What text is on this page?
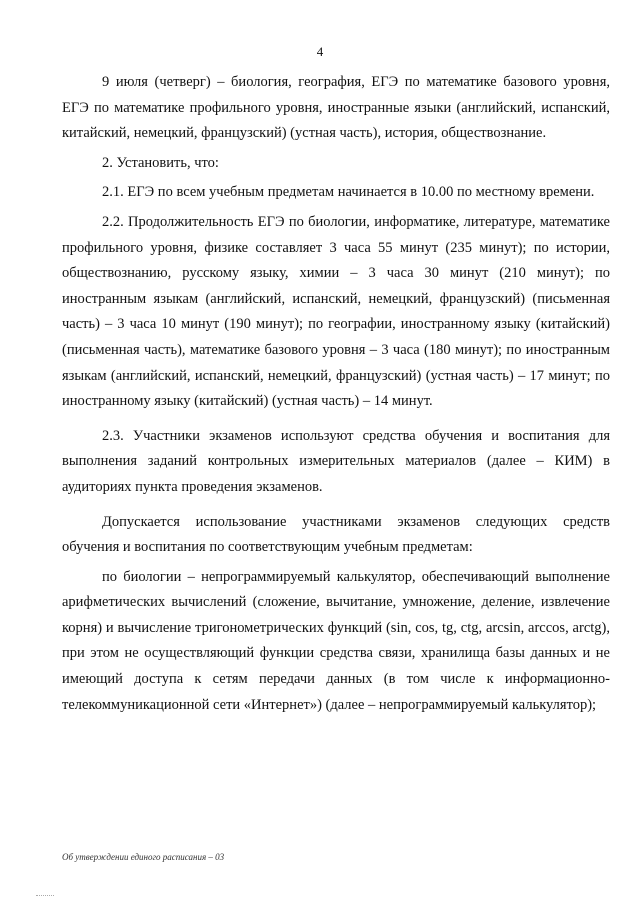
4

9 июля (четверг) – биология, география, ЕГЭ по математике базового уровня, ЕГЭ по математике профильного уровня, иностранные языки (английский, испанский, китайский, немецкий, французский) (устная часть), история, обществознание.

2. Установить, что:

2.1. ЕГЭ по всем учебным предметам начинается в 10.00 по местному времени.

2.2. Продолжительность ЕГЭ по биологии, информатике, литературе, математике профильного уровня, физике составляет 3 часа 55 минут (235 минут); по истории, обществознанию, русскому языку, химии – 3 часа 30 минут (210 минут); по иностранным языкам (английский, испанский, немецкий, французский) (письменная часть) – 3 часа 10 минут (190 минут); по географии, иностранному языку (китайский) (письменная часть), математике базового уровня – 3 часа (180 минут); по иностранным языкам (английский, испанский, немецкий, французский) (устная часть) – 17 минут; по иностранному языку (китайский) (устная часть) – 14 минут.

2.3. Участники экзаменов используют средства обучения и воспитания для выполнения заданий контрольных измерительных материалов (далее – КИМ) в аудиториях пункта проведения экзаменов.

Допускается использование участниками экзаменов следующих средств обучения и воспитания по соответствующим учебным предметам:

по биологии – непрограммируемый калькулятор, обеспечивающий выполнение арифметических вычислений (сложение, вычитание, умножение, деление, извлечение корня) и вычисление тригонометрических функций (sin, cos, tg, ctg, arcsin, arccos, arctg), при этом не осуществляющий функции средства связи, хранилища базы данных и не имеющий доступа к сетям передачи данных (в том числе к информационно-телекоммуникационной сети «Интернет») (далее – непрограммируемый калькулятор);

Об утверждении единого расписания – 03
